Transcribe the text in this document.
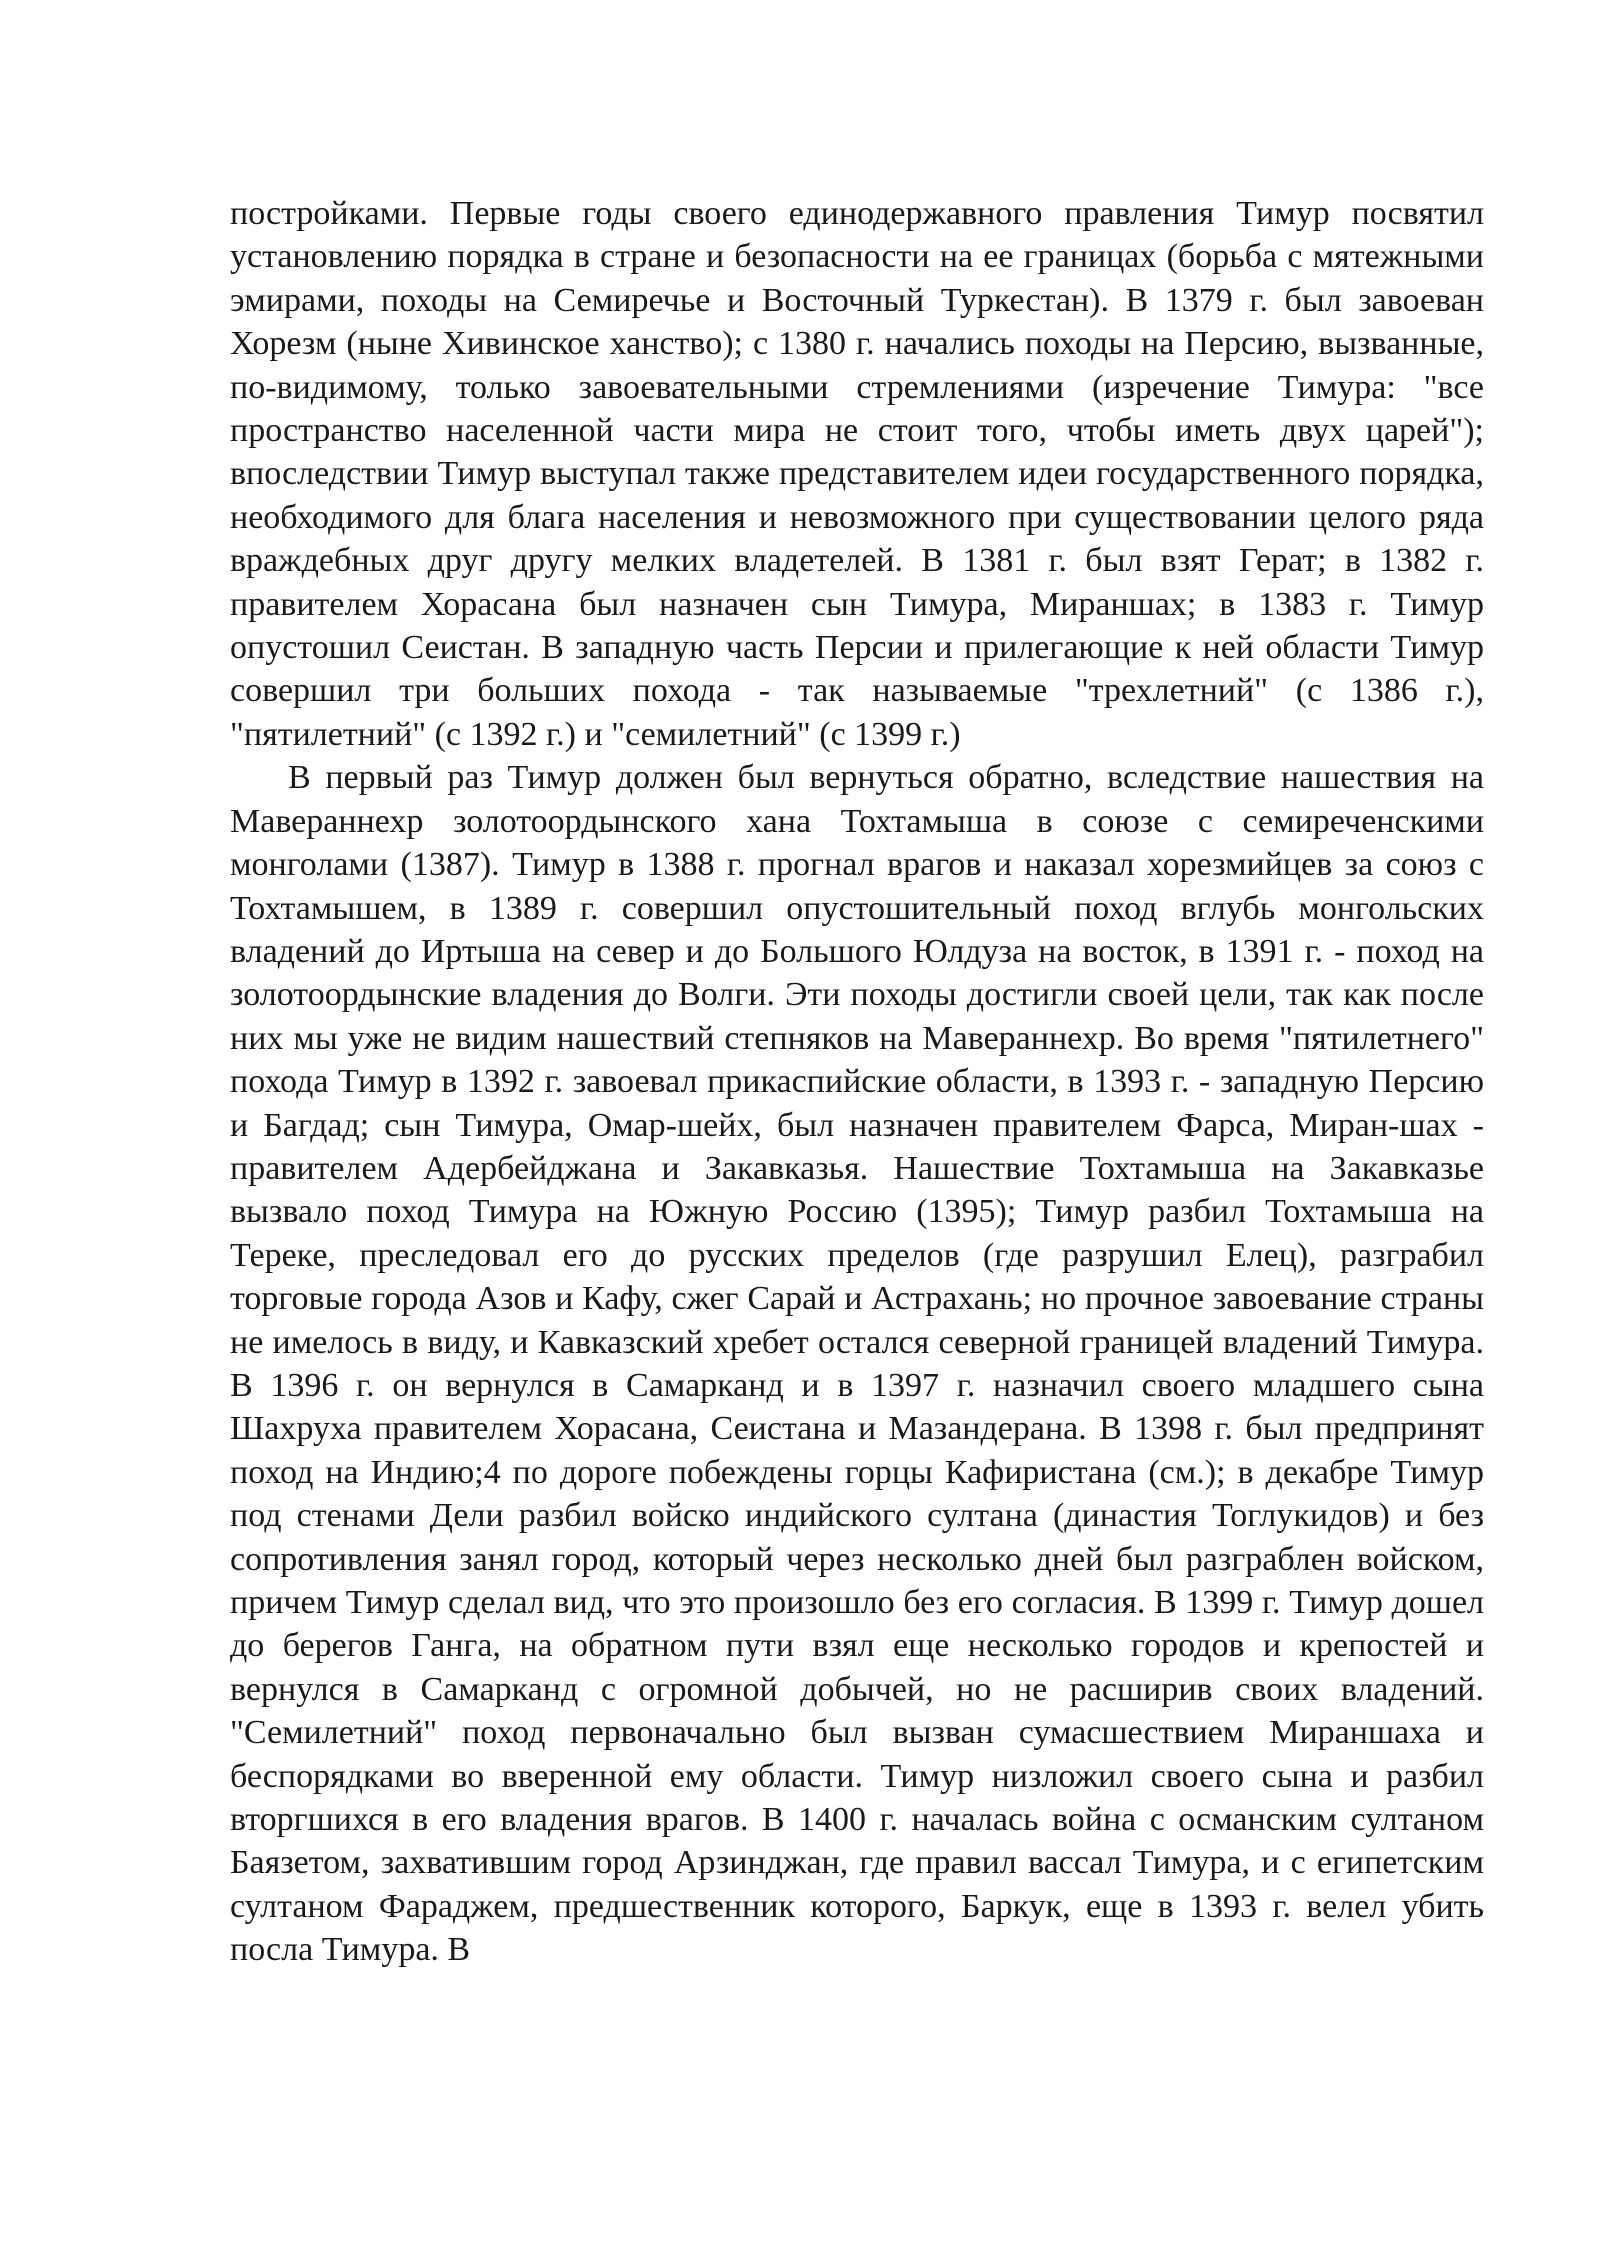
постройками. Первые годы своего единодержавного правления Тимур посвятил установлению порядка в стране и безопасности на ее границах (борьба с мятежными эмирами, походы на Семиречье и Восточный Туркестан). В 1379 г. был завоеван Хорезм (ныне Хивинское ханство); с 1380 г. начались походы на Персию, вызванные, по-видимому, только завоевательными стремлениями (изречение Тимура: "все пространство населенной части мира не стоит того, чтобы иметь двух царей"); впоследствии Тимур выступал также представителем идеи государственного порядка, необходимого для блага населения и невозможного при существовании целого ряда враждебных друг другу мелких владетелей. В 1381 г. был взят Герат; в 1382 г. правителем Хорасана был назначен сын Тимура, Мираншах; в 1383 г. Тимур опустошил Сеистан. В западную часть Персии и прилегающие к ней области Тимур совершил три больших похода - так называемые "трехлетний" (с 1386 г.), "пятилетний" (с 1392 г.) и "семилетний" (с 1399 г.)

В первый раз Тимур должен был вернуться обратно, вследствие нашествия на Мавераннехр золотоордынского хана Тохтамыша в союзе с семиреченскими монголами (1387). Тимур в 1388 г. прогнал врагов и наказал хорезмийцев за союз с Тохтамышем, в 1389 г. совершил опустошительный поход вглубь монгольских владений до Иртыша на север и до Большого Юлдуза на восток, в 1391 г. - поход на золотоордынские владения до Волги. Эти походы достигли своей цели, так как после них мы уже не видим нашествий степняков на Мавераннехр. Во время "пятилетнего" похода Тимур в 1392 г. завоевал прикаспийские области, в 1393 г. - западную Персию и Багдад; сын Тимура, Омар-шейх, был назначен правителем Фарса, Миран-шах - правителем Адербейджана и Закавказья. Нашествие Тохтамыша на Закавказье вызвало поход Тимура на Южную Россию (1395); Тимур разбил Тохтамыша на Тереке, преследовал его до русских пределов (где разрушил Елец), разграбил торговые города Азов и Кафу, сжег Сарай и Астрахань; но прочное завоевание страны не имелось в виду, и Кавказский хребет остался северной границей владений Тимура. В 1396 г. он вернулся в Самарканд и в 1397 г. назначил своего младшего сына Шахруха правителем Хорасана, Сеистана и Мазандерана. В 1398 г. был предпринят поход на Индию;4 по дороге побеждены горцы Кафиристана (см.); в декабре Тимур под стенами Дели разбил войско индийского султана (династия Тоглукидов) и без сопротивления занял город, который через несколько дней был разграблен войском, причем Тимур сделал вид, что это произошло без его согласия. В 1399 г. Тимур дошел до берегов Ганга, на обратном пути взял еще несколько городов и крепостей и вернулся в Самарканд с огромной добычей, но не расширив своих владений. "Семилетний" поход первоначально был вызван сумасшествием Мираншаха и беспорядками во вверенной ему области. Тимур низложил своего сына и разбил вторгшихся в его владения врагов. В 1400 г. началась война с османским султаном Баязетом, захватившим город Арзинджан, где правил вассал Тимура, и с египетским султаном Фараджем, предшественник которого, Баркук, еще в 1393 г. велел убить посла Тимура. В
